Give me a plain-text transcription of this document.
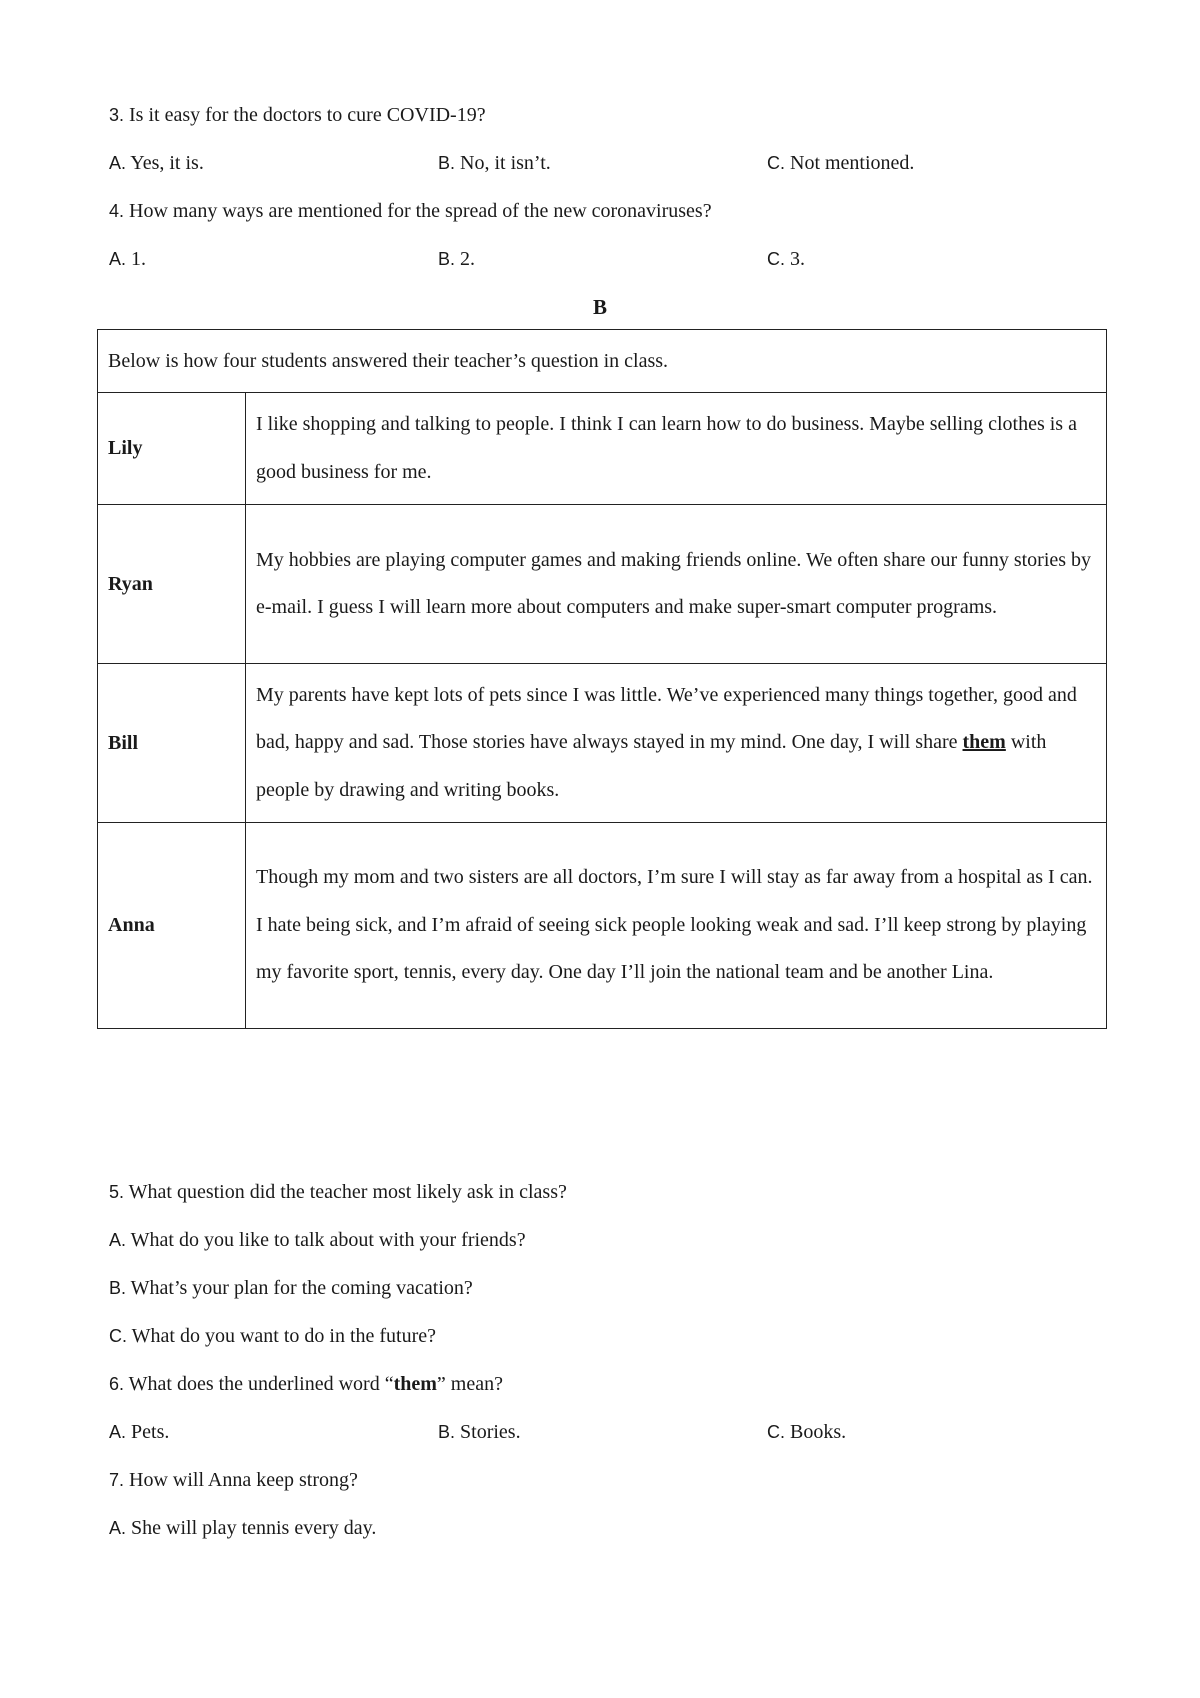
3. Is it easy for the doctors to cure COVID-19?
A. Yes, it is.	B. No, it isn’t.	C. Not mentioned.
4. How many ways are mentioned for the spread of the new coronaviruses?
A. 1.	B. 2.	C. 3.
B
Below is how four students answered their teacher’s question in class.	
Lily	I like shopping and talking to people. I think I can learn how to do business. Maybe selling clothes is a good business for me.
Ryan	My hobbies are playing computer games and making friends online. We often share our funny stories by e-mail. I guess I will learn more about computers and make super-smart computer programs.
Bill	My parents have kept lots of pets since I was little. We’ve experienced many things together, good and bad, happy and sad. Those stories have always stayed in my mind. One day, I will share them with people by drawing and writing books.
Anna	Though my mom and two sisters are all doctors, I’m sure I will stay as far away from a hospital as I can. I hate being sick, and I’m afraid of seeing sick people looking weak and sad. I’ll keep strong by playing my favorite sport, tennis, every day. One day I’ll join the national team and be another Lina.
5. What question did the teacher most likely ask in class?
A. What do you like to talk about with your friends?
B. What’s your plan for the coming vacation?
C. What do you want to do in the future?
6. What does the underlined word “them” mean?
A. Pets.	B. Stories.	C. Books.
7. How will Anna keep strong?
A. She will play tennis every day.
